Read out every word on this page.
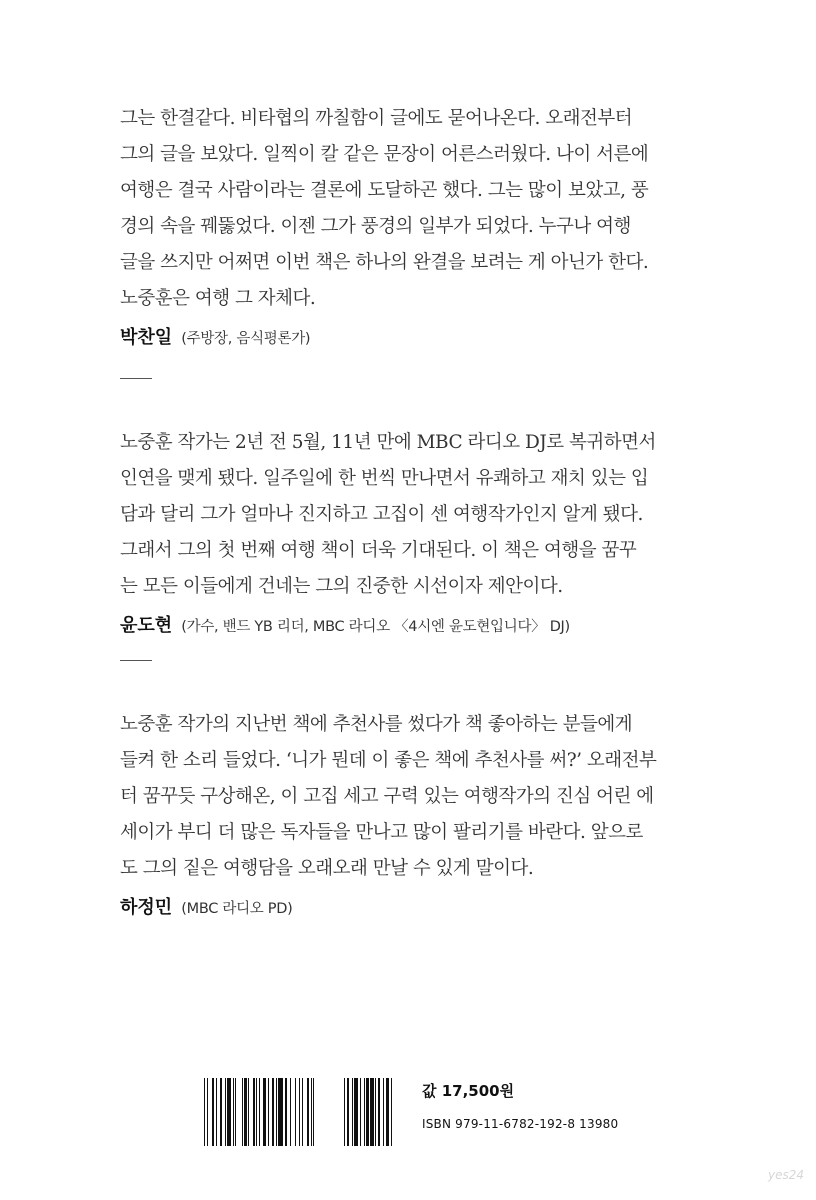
그는 한결같다. 비타협의 까칠함이 글에도 묻어나온다. 오래전부터
그의 글을 보았다. 일찍이 칼 같은 문장이 어른스러웠다. 나이 서른에
여행은 결국 사람이라는 결론에 도달하곤 했다. 그는 많이 보았고, 풍
경의 속을 꿰뚫었다. 이젠 그가 풍경의 일부가 되었다. 누구나 여행
글을 쓰지만 어쩌면 이번 책은 하나의 완결을 보려는 게 아닌가 한다.
노중훈은 여행 그 자체다.
박찬일 (주방장, 음식평론가)
노중훈 작가는 2년 전 5월, 11년 만에 MBC 라디오 DJ로 복귀하면서
인연을 맺게 됐다. 일주일에 한 번씩 만나면서 유쾌하고 재치 있는 입
담과 달리 그가 얼마나 진지하고 고집이 센 여행작가인지 알게 됐다.
그래서 그의 첫 번째 여행 책이 더욱 기대된다. 이 책은 여행을 꿈꾸
는 모든 이들에게 건네는 그의 진중한 시선이자 제안이다.
윤도현 (가수, 밴드 YB 리더, MBC 라디오 〈4시엔 윤도현입니다〉 DJ)
노중훈 작가의 지난번 책에 추천사를 썼다가 책 좋아하는 분들에게
들켜 한 소리 들었다. ‘니가 뭔데 이 좋은 책에 추천사를 써?’ 오래전부
터 꿈꾸듯 구상해온, 이 고집 세고 구력 있는 여행작가의 진심 어린 에
세이가 부디 더 많은 독자들을 만나고 많이 팔리기를 바란다. 앞으로
도 그의 짙은 여행담을 오래오래 만날 수 있게 말이다.
하정민 (MBC 라디오 PD)
값 17,500원
ISBN 979-11-6782-192-8 13980
yes24
